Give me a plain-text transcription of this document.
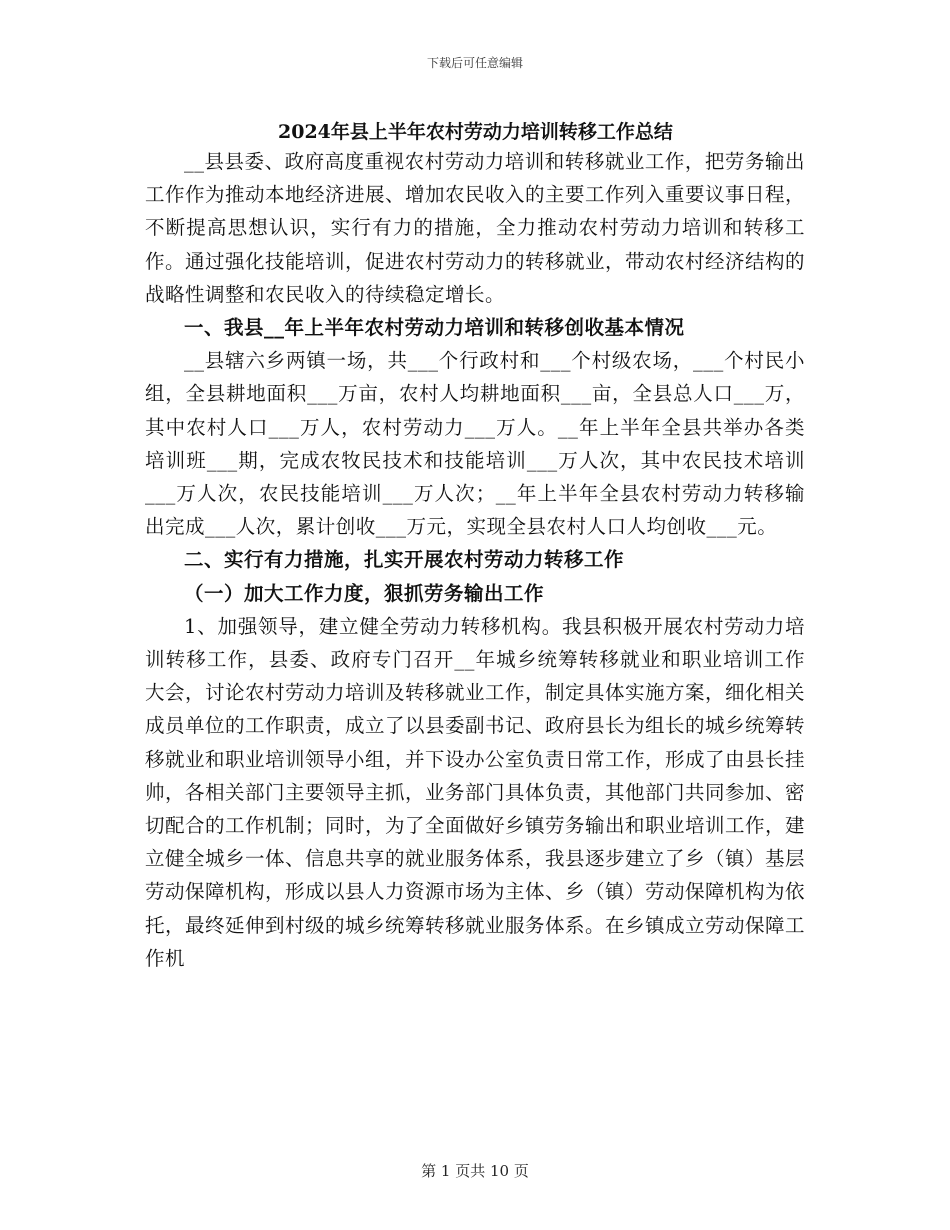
下载后可任意编辑
2024年县上半年农村劳动力培训转移工作总结

__县县委、政府高度重视农村劳动力培训和转移就业工作，把劳务输出工作作为推动本地经济进展、增加农民收入的主要工作列入重要议事日程，不断提高思想认识，实行有力的措施，全力推动农村劳动力培训和转移工作。通过强化技能培训，促进农村劳动力的转移就业，带动农村经济结构的战略性调整和农民收入的待续稳定增长。

一、我县__年上半年农村劳动力培训和转移创收基本情况

__县辖六乡两镇一场，共___个行政村和___个村级农场，___个村民小组，全县耕地面积___万亩，农村人均耕地面积___亩，全县总人口___万，其中农村人口___万人，农村劳动力___万人。__年上半年全县共举办各类培训班___期，完成农牧民技术和技能培训___万人次，其中农民技术培训___万人次，农民技能培训___万人次；__年上半年全县农村劳动力转移输出完成___人次，累计创收___万元，实现全县农村人口人均创收___元。

二、实行有力措施，扎实开展农村劳动力转移工作
（一）加大工作力度，狠抓劳务输出工作

1、加强领导，建立健全劳动力转移机构。我县积极开展农村劳动力培训转移工作，县委、政府专门召开__年城乡统筹转移就业和职业培训工作大会，讨论农村劳动力培训及转移就业工作，制定具体实施方案，细化相关成员单位的工作职责，成立了以县委副书记、政府县长为组长的城乡统筹转移就业和职业培训领导小组，并下设办公室负责日常工作，形成了由县长挂帅，各相关部门主要领导主抓，业务部门具体负责，其他部门共同参加、密切配合的工作机制；同时，为了全面做好乡镇劳务输出和职业培训工作，建立健全城乡一体、信息共享的就业服务体系，我县逐步建立了乡（镇）基层劳动保障机构，形成以县人力资源市场为主体、乡（镇）劳动保障机构为依托，最终延伸到村级的城乡统筹转移就业服务体系。在乡镇成立劳动保障工作机

第 1 页共 10 页
